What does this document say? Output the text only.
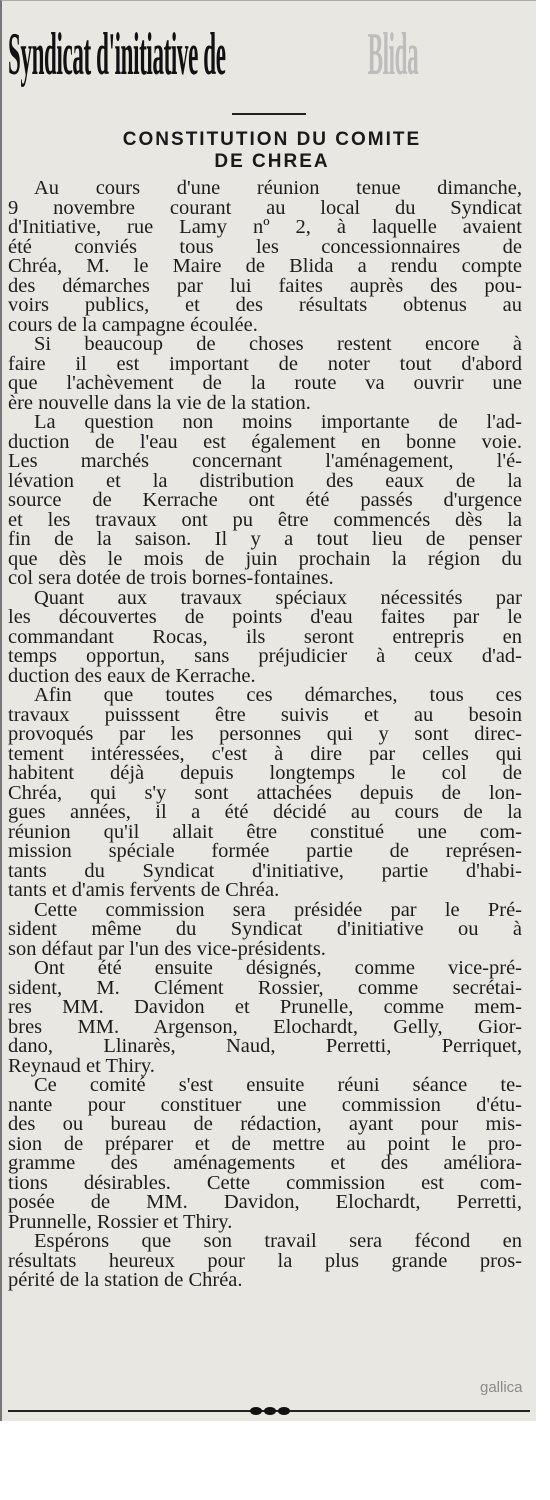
Syndicat d'initiative de Blida
CONSTITUTION DU COMITE
DE CHREA
Au cours d'une réunion tenue dimanche,
9 novembre courant au local du Syndicat
d'Initiative, rue Lamy nº 2, à laquelle avaient
été conviés tous les concessionnaires de
Chréa, M. le Maire de Blida a rendu compte
des démarches par lui faites auprès des pou-
voirs publics, et des résultats obtenus au
cours de la campagne écoulée.
Si beaucoup de choses restent encore à
faire il est important de noter tout d'abord
que l'achèvement de la route va ouvrir une
ère nouvelle dans la vie de la station.
La question non moins importante de l'ad-
duction de l'eau est également en bonne voie.
Les marchés concernant l'aménagement, l'é-
lévation et la distribution des eaux de la
source de Kerrache ont été passés d'urgence
et les travaux ont pu être commencés dès la
fin de la saison. Il y a tout lieu de penser
que dès le mois de juin prochain la région du
col sera dotée de trois bornes-fontaines.
Quant aux travaux spéciaux nécessités par
les découvertes de points d'eau faites par le
commandant Rocas, ils seront entrepris en
temps opportun, sans préjudicier à ceux d'ad-
duction des eaux de Kerrache.
Afin que toutes ces démarches, tous ces
travaux puisssent être suivis et au besoin
provoqués par les personnes qui y sont direc-
tement intéressées, c'est à dire par celles qui
habitent déjà depuis longtemps le col de
Chréa, qui s'y sont attachées depuis de lon-
gues années, il a été décidé au cours de la
réunion qu'il allait être constitué une com-
mission spéciale formée partie de représen-
tants du Syndicat d'initiative, partie d'habi-
tants et d'amis fervents de Chréa.
Cette commission sera présidée par le Pré-
sident même du Syndicat d'initiative ou à
son défaut par l'un des vice-présidents.
Ont été ensuite désignés, comme vice-pré-
sident, M. Clément Rossier, comme secrétai-
res MM. Davidon et Prunelle, comme mem-
bres MM. Argenson, Elochardt, Gelly, Gior-
dano, Llinarès, Naud, Perretti, Perriquet,
Reynaud et Thiry.
Ce comité s'est ensuite réuni séance te-
nante pour constituer une commission d'étu-
des ou bureau de rédaction, ayant pour mis-
sion de préparer et de mettre au point le pro-
gramme des aménagements et des améliora-
tions désirables. Cette commission est com-
posée de MM. Davidon, Elochardt, Perretti,
Prunnelle, Rossier et Thiry.
Espérons que son travail sera fécond en
résultats heureux pour la plus grande pros-
périté de la station de Chréa.
gallica
